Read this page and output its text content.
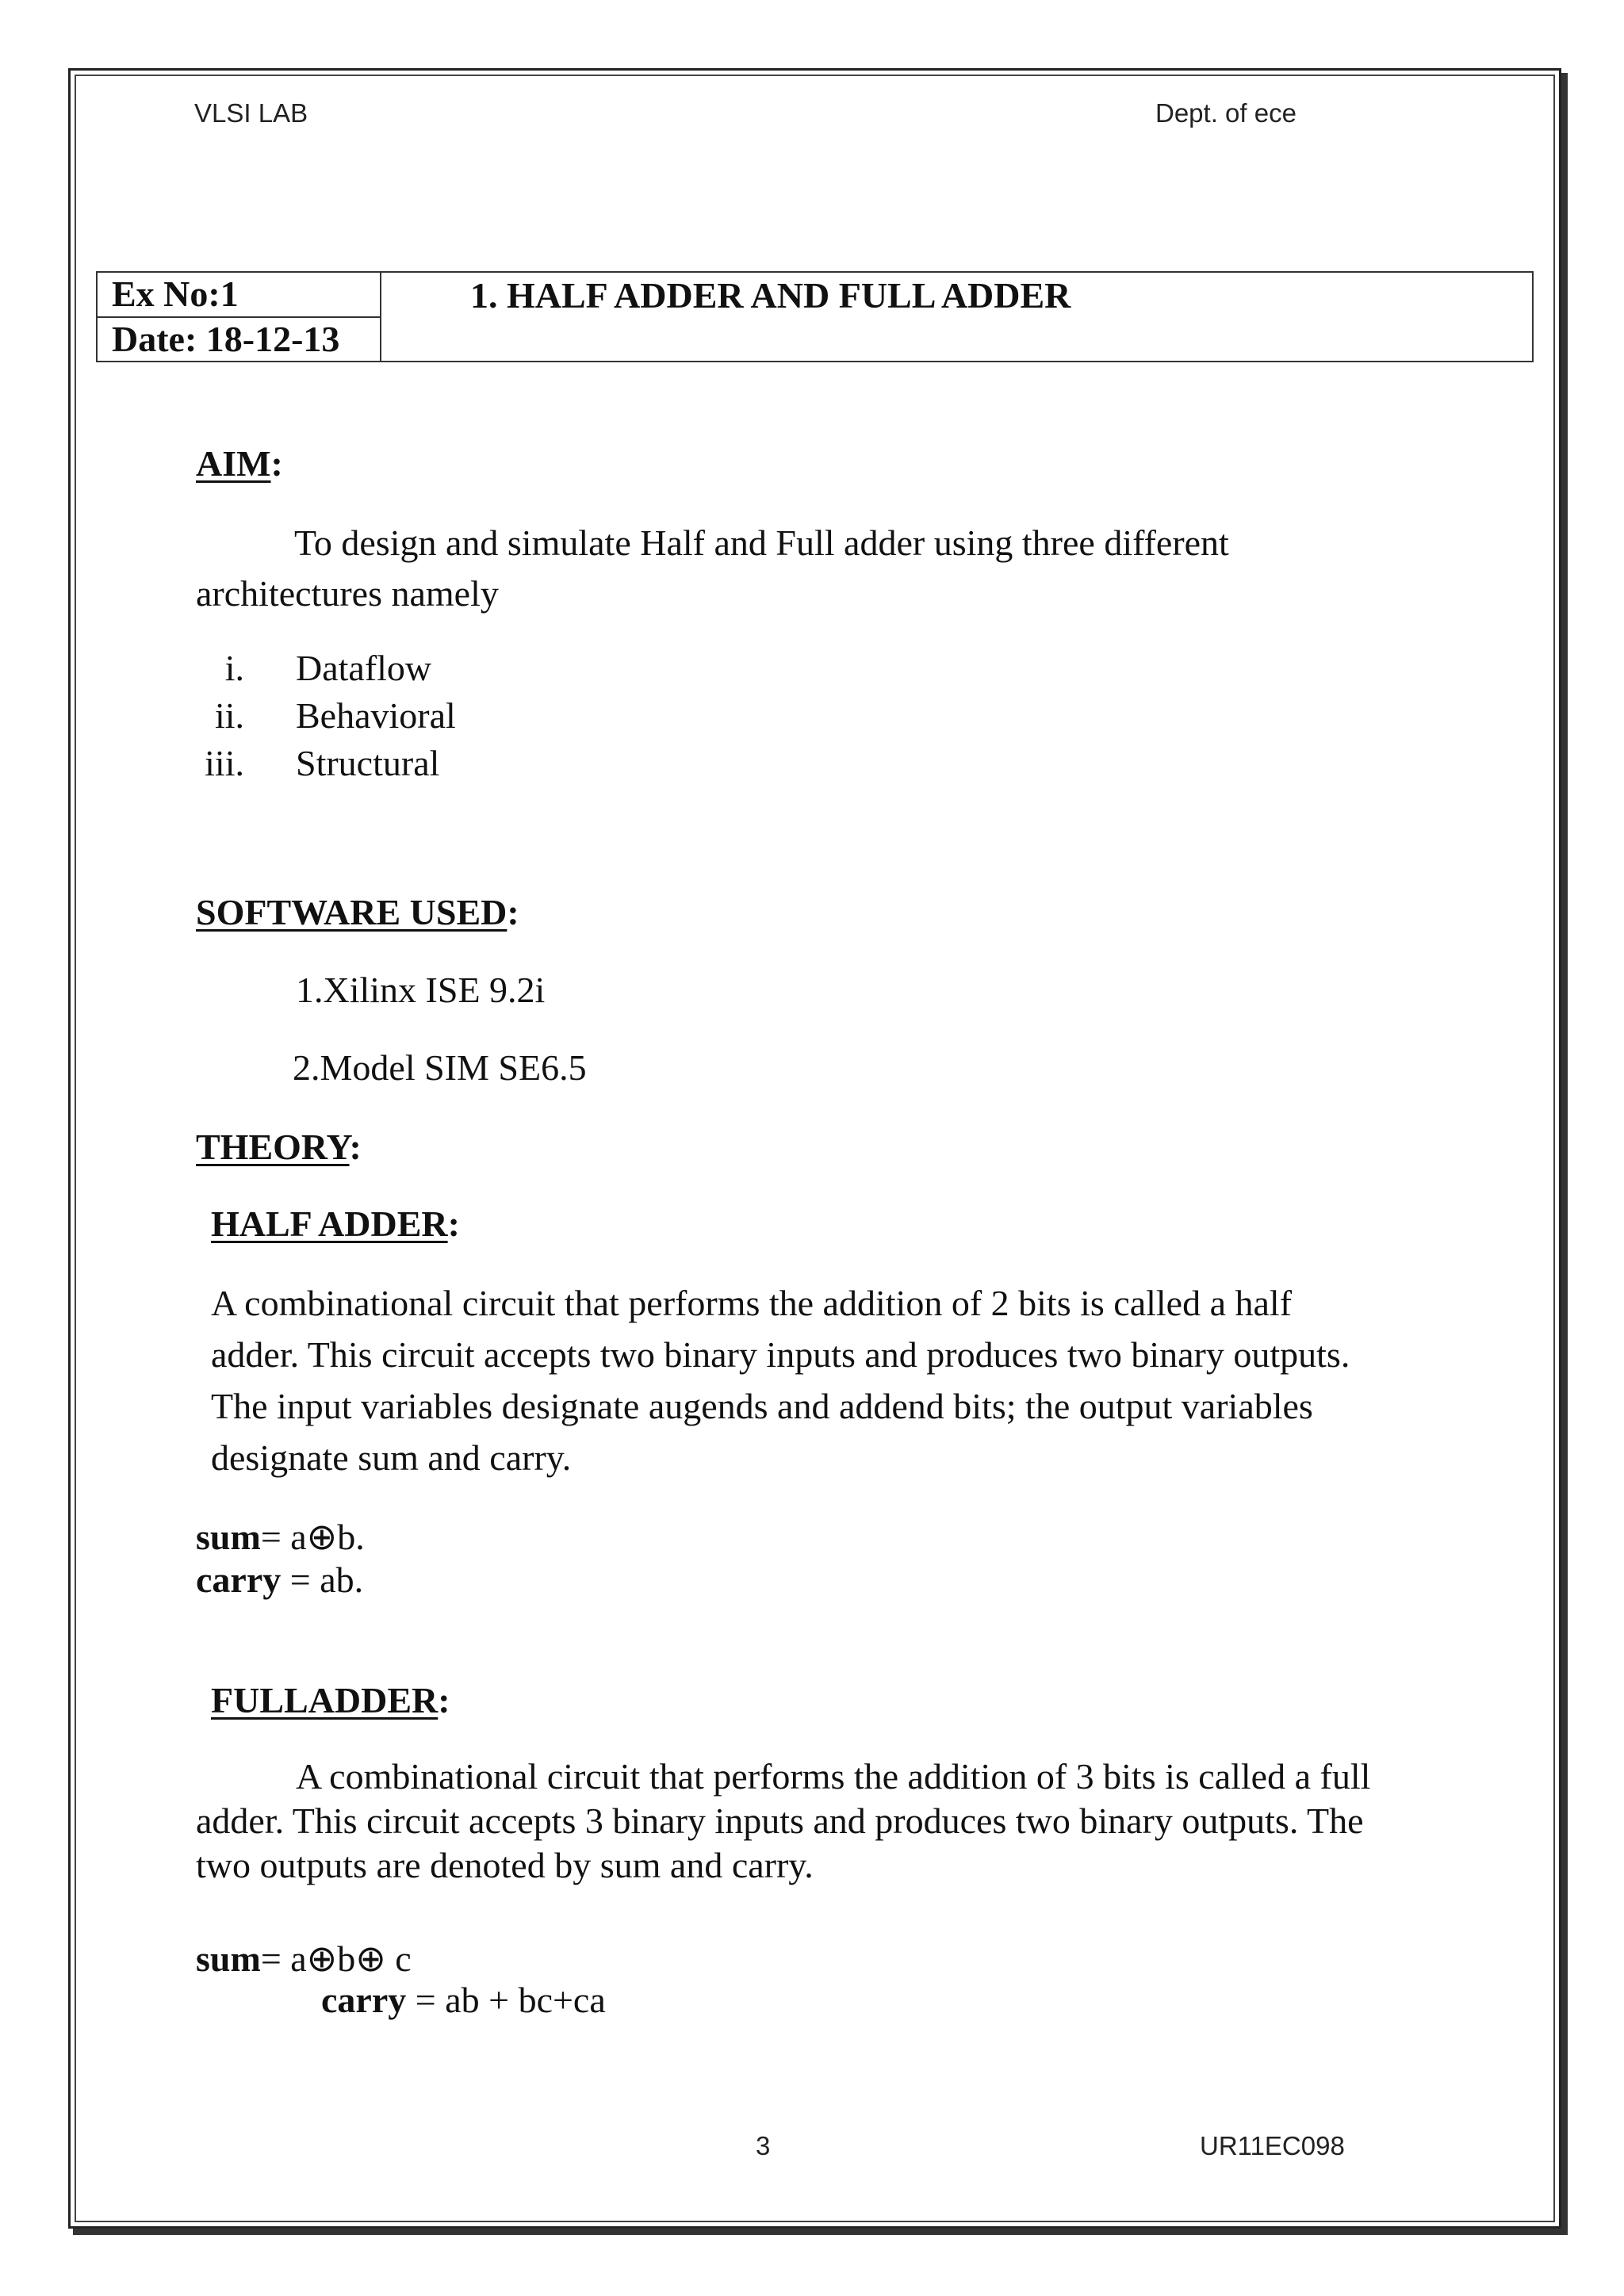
VLSI LAB	Dept. of ece
Ex No:1	1. HALF ADDER AND FULL ADDER
Date: 18-12-13
AIM:
To design and simulate Half and Full adder using three different
architectures namely
i. Dataflow
ii. Behavioral
iii. Structural
SOFTWARE USED:
1.Xilinx ISE 9.2i
2.Model SIM SE6.5
THEORY:
HALF ADDER:
A combinational circuit that performs the addition of 2 bits is called a half
adder. This circuit accepts two binary inputs and produces two binary outputs.
The input variables designate augends and addend bits; the output variables
designate sum and carry.
sum= a⊕b.
carry = ab.
FULLADDER:
A combinational circuit that performs the addition of 3 bits is called a full
adder. This circuit accepts 3 binary inputs and produces two binary outputs. The
two outputs are denoted by sum and carry.
sum= a⊕b⊕ c
carry = ab + bc+ca
3	UR11EC098
